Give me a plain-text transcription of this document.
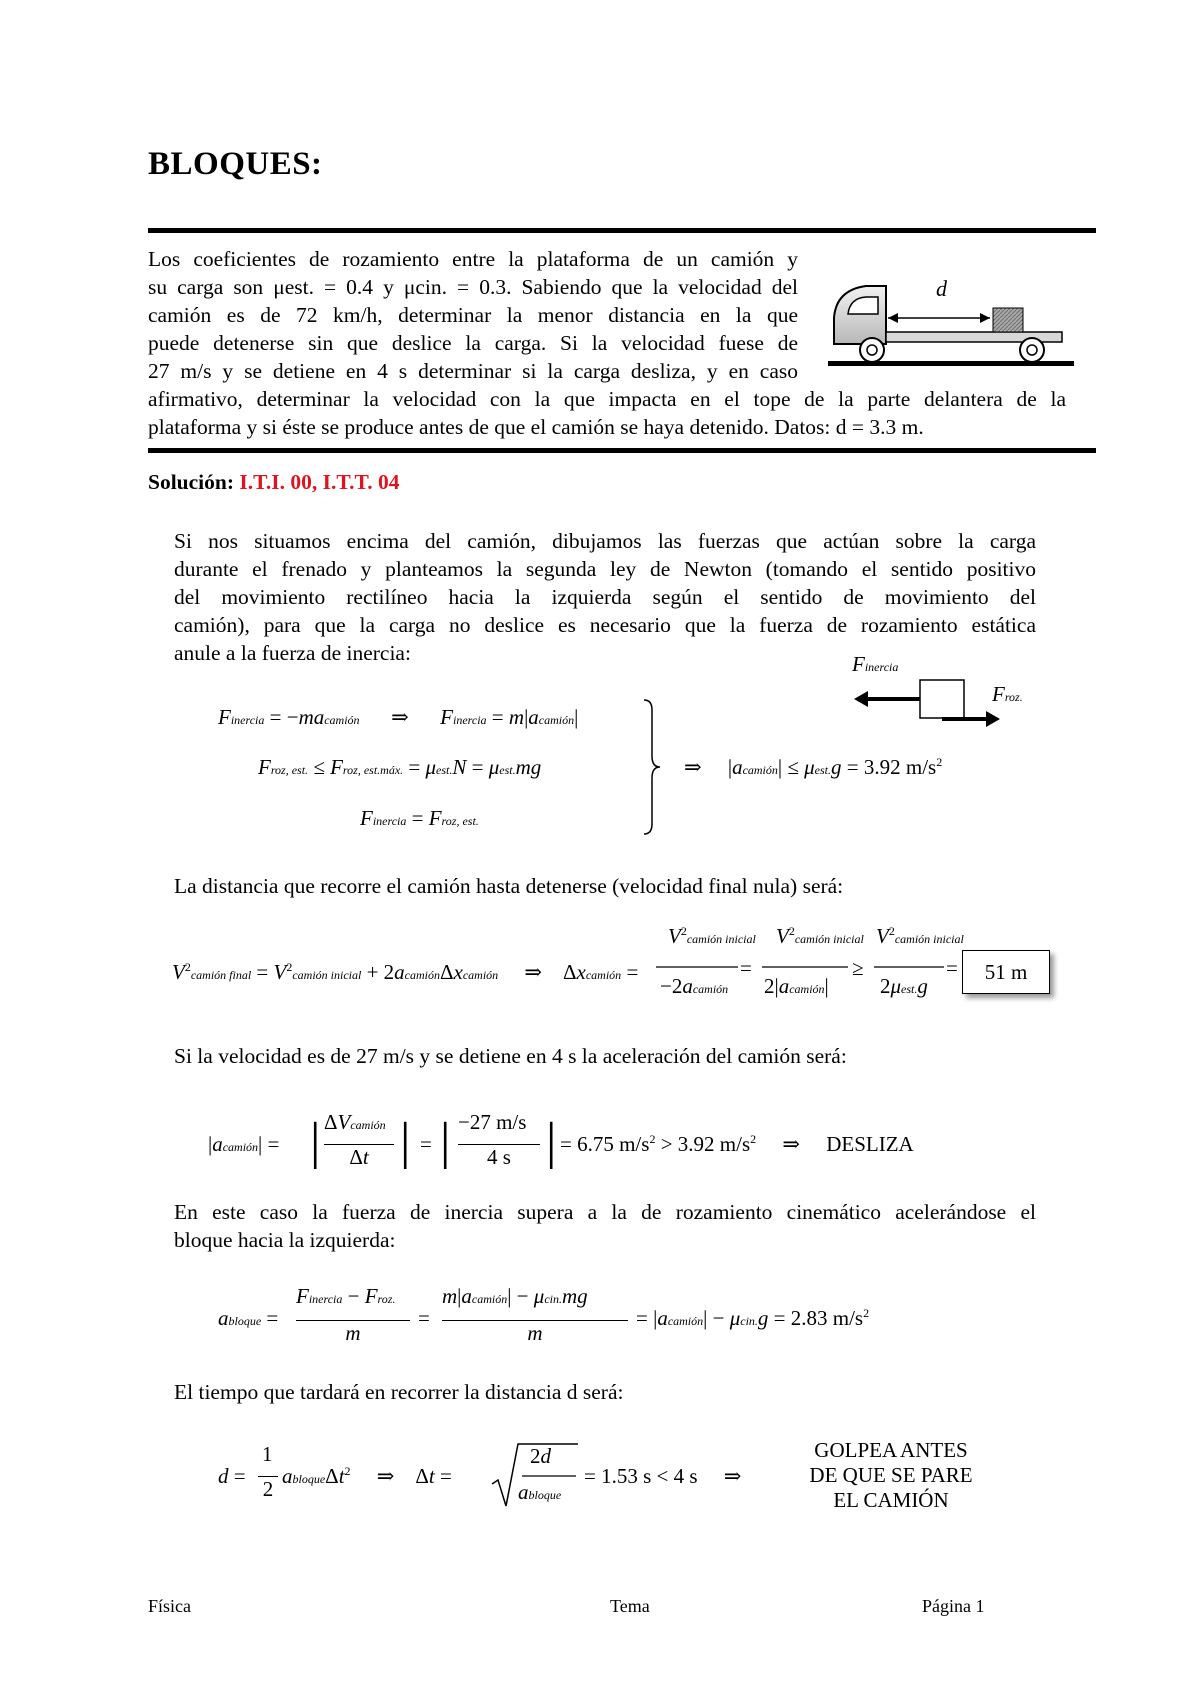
BLOQUES:
Los coeficientes de rozamiento entre la plataforma de un camión y
su carga son μest. = 0.4 y μcin. = 0.3. Sabiendo que la velocidad del
camión es de 72 km/h, determinar la menor distancia en la que
puede detenerse sin que deslice la carga. Si la velocidad fuese de
27 m/s y se detiene en 4 s determinar si la carga desliza, y en caso
afirmativo, determinar la velocidad con la que impacta en el tope de la parte delantera de la
plataforma y si éste se produce antes de que el camión se haya detenido. Datos: d = 3.3 m.
d
Solución: I.T.I. 00, I.T.T. 04
Si nos situamos encima del camión, dibujamos las fuerzas que actúan sobre la carga
durante el frenado y planteamos la segunda ley de Newton (tomando el sentido positivo
del movimiento rectilíneo hacia la izquierda según el sentido de movimiento del
camión), para que la carga no deslice es necesario que la fuerza de rozamiento estática
anule a la fuerza de inercia:	Finercia
Froz.
Finercia = −macamión      ⇒      Finercia = m|acamión|
Froz, est. ≤ Froz, est.máx. = μest.N = μest.mg
Finercia = Froz, est.
⇒     |acamión| ≤ μest.g = 3.92 $m/s^2$
La distancia que recorre el camión hasta detenerse (velocidad final nula) será:
$V^2camión$ final = $V^2camión$ inicial + 2acamiónΔxcamión     ⇒    Δxcamión =
$V^2camión$ inicial
−2acamión
=
$V^2camión$ inicial
2|acamión|
≥
$V^2camión$ inicial
2μest.g
=	51 m
Si la velocidad es de 27 m/s y se detiene en 4 s la aceleración del camión será:
|acamión| = | ΔVcamión
Δt | = | −27 m/s
4 s | = 6.75 $m/s^2 > 3.92$ $m/s^2$     ⇒     DESLIZA
En este caso la fuerza de inercia supera a la de rozamiento cinemático acelerándose el
bloque hacia la izquierda:
abloque =
Finercia − Froz.
m
=
m|acamión| − μcin.mg
m
= |acamión| − μcin.g = 2.83 $m/s^2$
El tiempo que tardará en recorrer la distancia d será:
d =
1
2
abloqueΔt$^2$     ⇒    Δt =
2d
abloque
= 1.53 s < 4 s     ⇒
GOLPEA ANTES
DE QUE SE PARE
EL CAMIÓN
Física	Tema	Página 1
